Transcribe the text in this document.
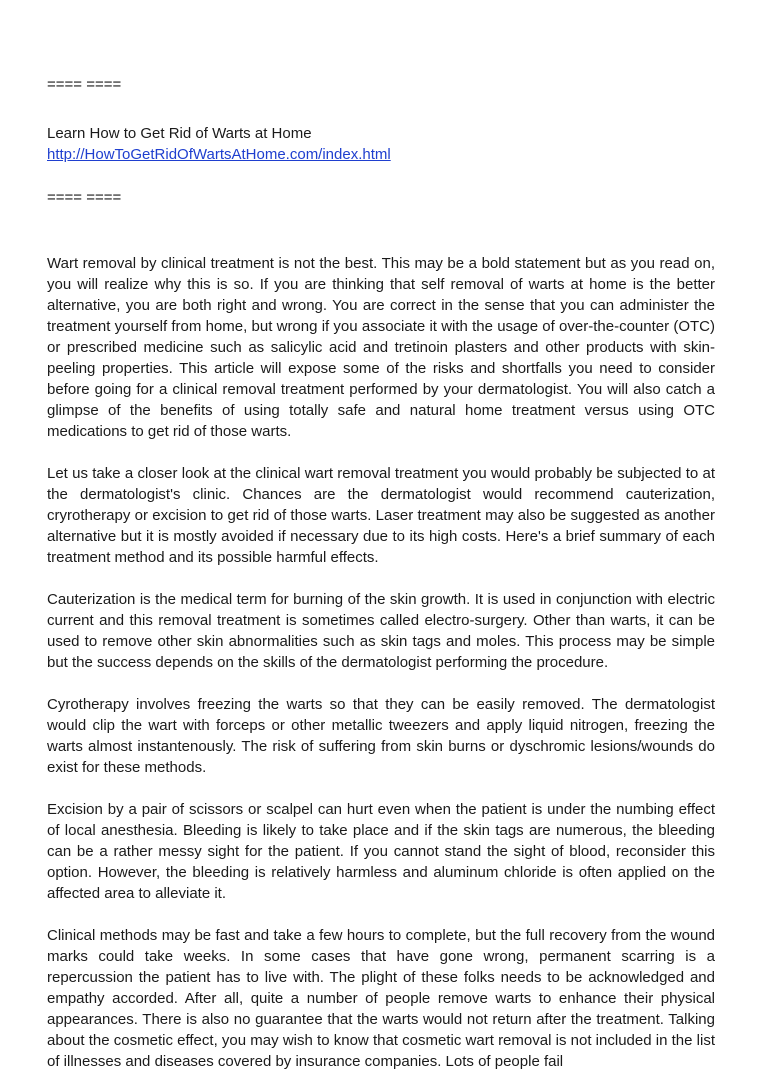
==== ====
Learn How to Get Rid of Warts at Home
http://HowToGetRidOfWartsAtHome.com/index.html
==== ====

Wart removal by clinical treatment is not the best. This may be a bold statement but as you read on, you will realize why this is so. If you are thinking that self removal of warts at home is the better alternative, you are both right and wrong. You are correct in the sense that you can administer the treatment yourself from home, but wrong if you associate it with the usage of over-the-counter (OTC) or prescribed medicine such as salicylic acid and tretinoin plasters and other products with skin-peeling properties. This article will expose some of the risks and shortfalls you need to consider before going for a clinical removal treatment performed by your dermatologist. You will also catch a glimpse of the benefits of using totally safe and natural home treatment versus using OTC medications to get rid of those warts.

Let us take a closer look at the clinical wart removal treatment you would probably be subjected to at the dermatologist's clinic. Chances are the dermatologist would recommend cauterization, cryrotherapy or excision to get rid of those warts. Laser treatment may also be suggested as another alternative but it is mostly avoided if necessary due to its high costs. Here's a brief summary of each treatment method and its possible harmful effects.

Cauterization is the medical term for burning of the skin growth. It is used in conjunction with electric current and this removal treatment is sometimes called electro-surgery. Other than warts, it can be used to remove other skin abnormalities such as skin tags and moles. This process may be simple but the success depends on the skills of the dermatologist performing the procedure.

Cyrotherapy involves freezing the warts so that they can be easily removed. The dermatologist would clip the wart with forceps or other metallic tweezers and apply liquid nitrogen, freezing the warts almost instantenously. The risk of suffering from skin burns or dyschromic lesions/wounds do exist for these methods.

Excision by a pair of scissors or scalpel can hurt even when the patient is under the numbing effect of local anesthesia. Bleeding is likely to take place and if the skin tags are numerous, the bleeding can be a rather messy sight for the patient. If you cannot stand the sight of blood, reconsider this option. However, the bleeding is relatively harmless and aluminum chloride is often applied on the affected area to alleviate it.

Clinical methods may be fast and take a few hours to complete, but the full recovery from the wound marks could take weeks. In some cases that have gone wrong, permanent scarring is a repercussion the patient has to live with. The plight of these folks needs to be acknowledged and empathy accorded. After all, quite a number of people remove warts to enhance their physical appearances. There is also no guarantee that the warts would not return after the treatment. Talking about the cosmetic effect, you may wish to know that cosmetic wart removal is not included in the list of illnesses and diseases covered by insurance companies. Lots of people fail
